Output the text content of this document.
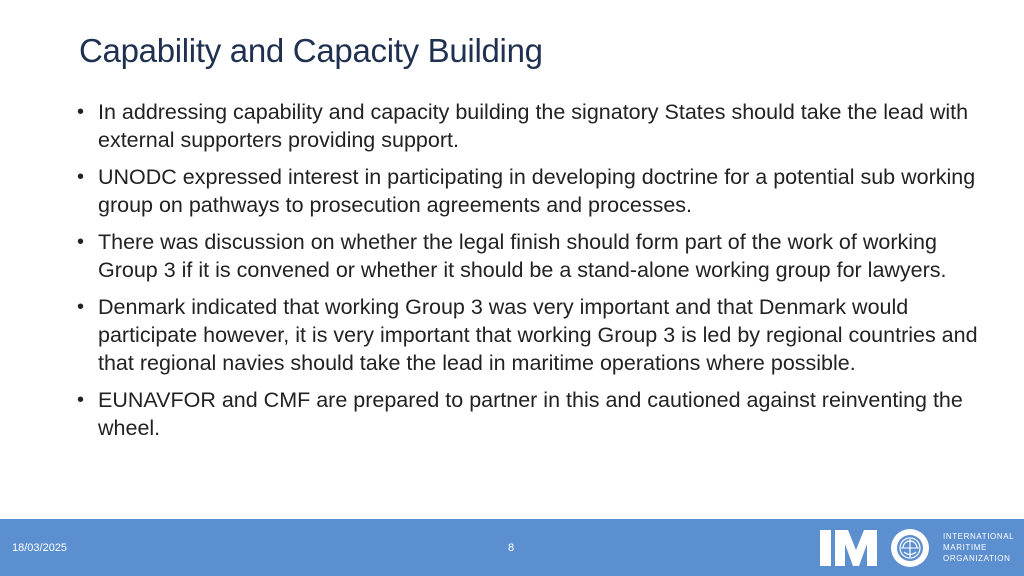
Capability and Capacity Building
• In addressing capability and capacity building the signatory States should take the lead with external supporters providing support.
• UNODC expressed interest in participating in developing doctrine for a potential sub working group on pathways to prosecution agreements and processes.
• There was discussion on whether the legal finish should form part of the work of working Group 3 if it is convened or whether it should be a stand-alone working group for lawyers.
• Denmark indicated that working Group 3 was very important and that Denmark would participate however, it is very important that working Group 3 is led by regional countries and that regional navies should take the lead in maritime operations where possible.
• EUNAVFOR and CMF are prepared to partner in this and cautioned against reinventing the wheel.
18/03/2025	8
INTERNATIONAL
MARITIME
ORGANIZATION
